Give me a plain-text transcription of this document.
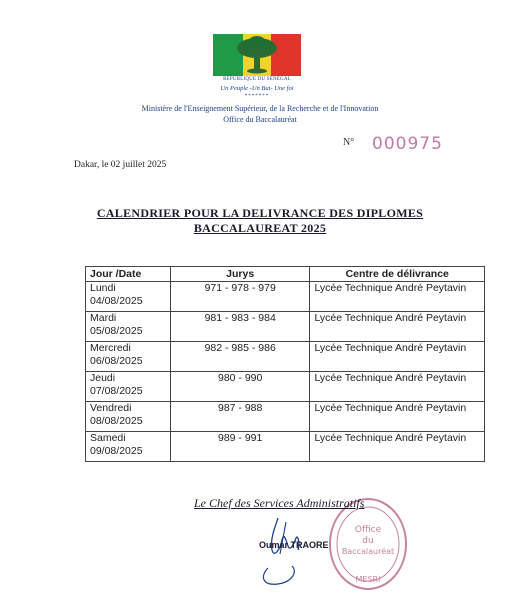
RÉPUBLIQUE DU SÉNÉGAL
Un Peuple -Un But- Une foi
*******
Ministère de l'Enseignement Supérieur, de la Recherche et de l'Innovation
Office du Baccalauréat
N° 000975
Dakar, le 02 juillet 2025
CALENDRIER POUR LA DELIVRANCE DES DIPLOMES
BACCALAUREAT 2025
Jour /Date	Jurys	Centre de délivrance

Lundi
04/08/2025	971 - 978 - 979	Lycée Technique André Peytavin

Mardi
05/08/2025	981 - 983 - 984	Lycée Technique André Peytavin

Mercredi
06/08/2025	982 - 985 - 986	Lycée Technique André Peytavin

Jeudi
07/08/2025	980 - 990	Lycée Technique André Peytavin

Vendredi
08/08/2025	987 - 988	Lycée Technique André Peytavin

Samedi
09/08/2025	989 - 991	Lycée Technique André Peytavin
Office
du
Baccalauréat
MESRI
Le Chef des Services Administratifs
Oumar TRAORE
